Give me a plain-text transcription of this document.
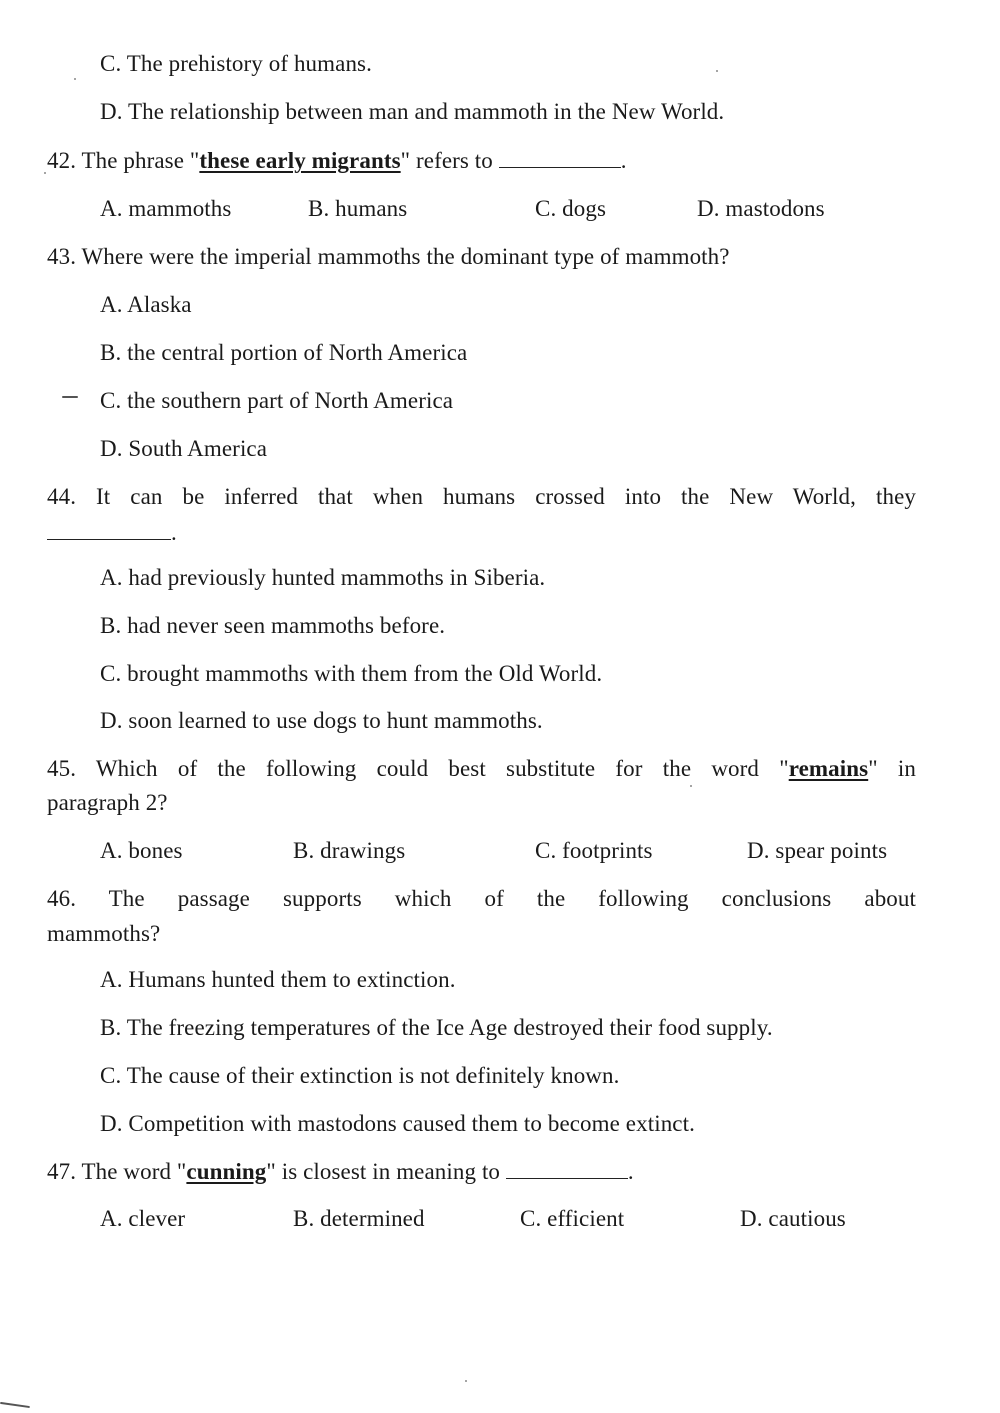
C. The prehistory of humans.
D. The relationship between man and mammoth in the New World.
42. The phrase "these early migrants" refers to	.
A. mammoths	B. humans	C. dogs	D. mastodons
43. Where were the imperial mammoths the dominant type of mammoth?
A. Alaska
B. the central portion of North America
C. the southern part of North America
D. South America
44. It can be inferred that when humans crossed into the New World, they
.
A. had previously hunted mammoths in Siberia.
B. had never seen mammoths before.
C. brought mammoths with them from the Old World.
D. soon learned to use dogs to hunt mammoths.
45. Which of the following could best substitute for the word "remains" in
paragraph 2?
A. bones	B. drawings	C. footprints	D. spear points
46. The passage supports which of the following conclusions about
mammoths?
A. Humans hunted them to extinction.
B. The freezing temperatures of the Ice Age destroyed their food supply.
C. The cause of their extinction is not definitely known.
D. Competition with mastodons caused them to become extinct.
47. The word "cunning" is closest in meaning to	.
A. clever	B. determined	C. efficient	D. cautious
